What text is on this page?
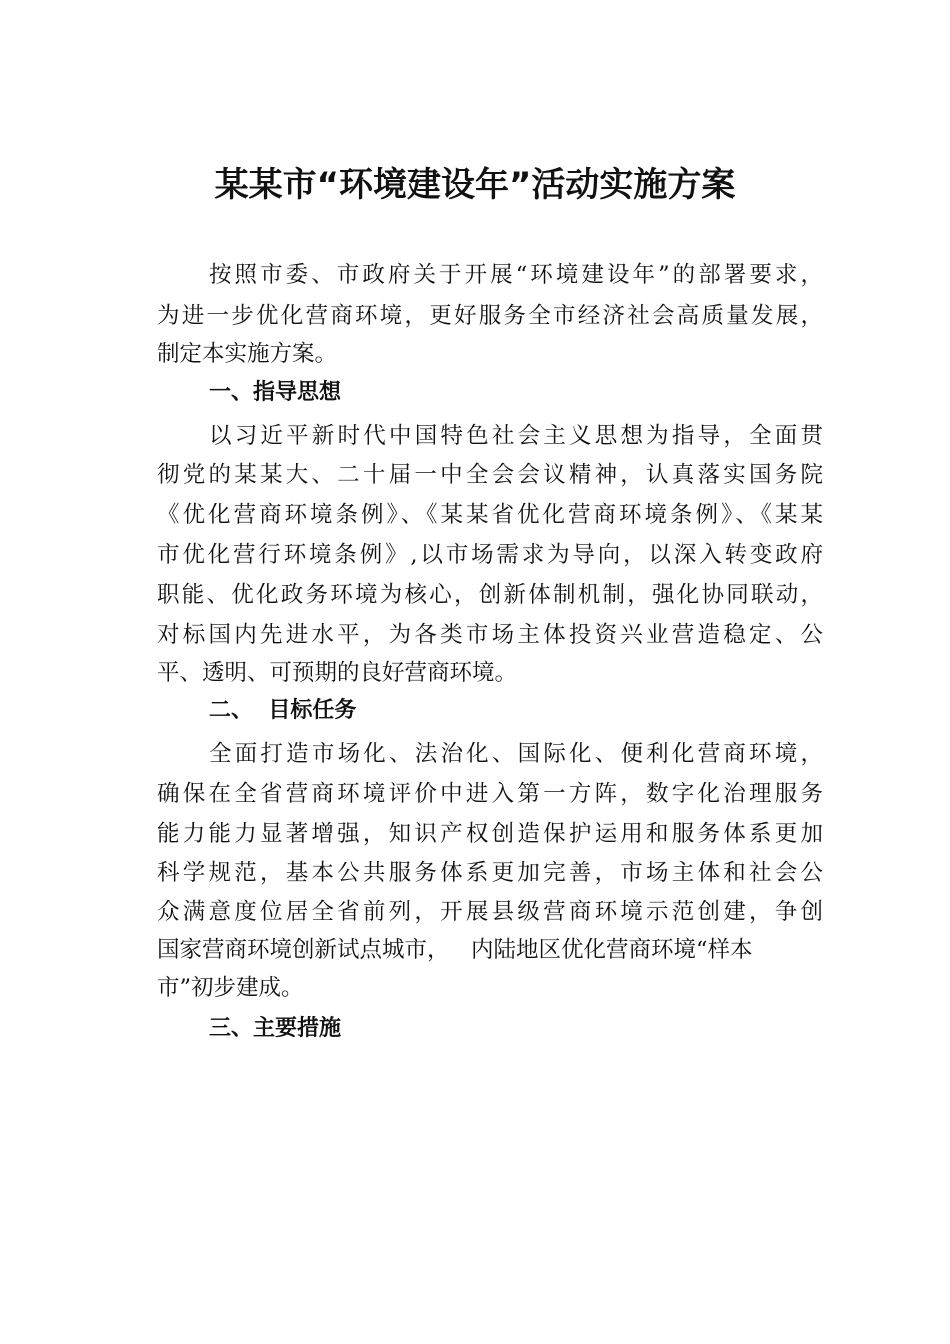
某某市“环境建设年”活动实施方案
按照市委、市政府关于开展“环境建设年”的部署要求，
为进一步优化营商环境，更好服务全市经济社会高质量发展，
制定本实施方案。
一、指导思想
以习近平新时代中国特色社会主义思想为指导，全面贯
彻党的某某大、二十届一中全会会议精神，认真落实国务院
《优化营商环境条例》、《某某省优化营商环境条例》、《某某
市优化营行环境条例》,以市场需求为导向，以深入转变政府
职能、优化政务环境为核心，创新体制机制，强化协同联动，
对标国内先进水平，为各类市场主体投资兴业营造稳定、公
平、透明、可预期的良好营商环境。
二、  目标任务
全面打造市场化、法治化、国际化、便利化营商环境，
确保在全省营商环境评价中进入第一方阵，数字化治理服务
能力能力显著增强，知识产权创造保护运用和服务体系更加
科学规范，基本公共服务体系更加完善，市场主体和社会公
众满意度位居全省前列，开展县级营商环境示范创建，争创
国家营商环境创新试点城市，   内陆地区优化营商环境“样本
市”初步建成。
三、主要措施
